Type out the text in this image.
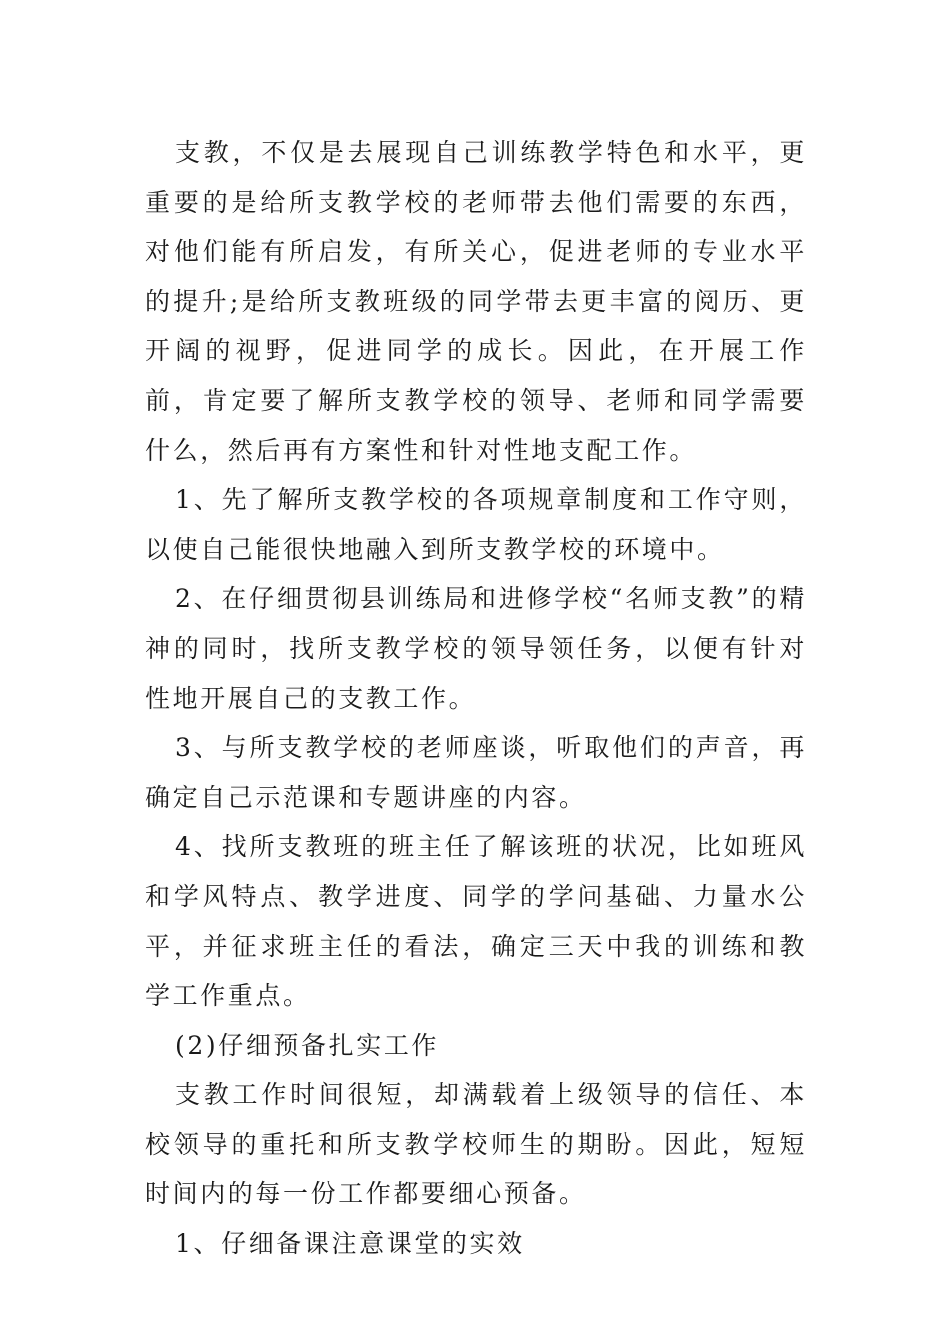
支教，不仅是去展现自己训练教学特色和水平，更重要的是给所支教学校的老师带去他们需要的东西，对他们能有所启发，有所关心，促进老师的专业水平的提升;是给所支教班级的同学带去更丰富的阅历、更开阔的视野，促进同学的成长。因此，在开展工作前，肯定要了解所支教学校的领导、老师和同学需要什么，然后再有方案性和针对性地支配工作。

1、先了解所支教学校的各项规章制度和工作守则，以使自己能很快地融入到所支教学校的环境中。

2、在仔细贯彻县训练局和进修学校“名师支教”的精神的同时，找所支教学校的领导领任务，以便有针对性地开展自己的支教工作。

3、与所支教学校的老师座谈，听取他们的声音，再确定自己示范课和专题讲座的内容。

4、找所支教班的班主任了解该班的状况，比如班风和学风特点、教学进度、同学的学问基础、力量水公平，并征求班主任的看法，确定三天中我的训练和教学工作重点。

(2)仔细预备扎实工作

支教工作时间很短，却满载着上级领导的信任、本校领导的重托和所支教学校师生的期盼。因此，短短时间内的每一份工作都要细心预备。

1、仔细备课注意课堂的实效
